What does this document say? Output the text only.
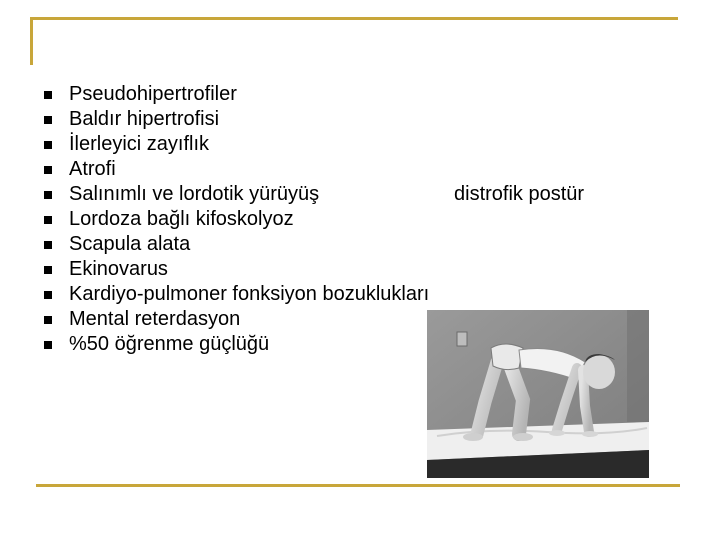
Pseudohipertrofiler
Baldır hipertrofisi
İlerleyici zayıflık
Atrofi
Salınımlı ve lordotik yürüyüş	distrofik postür
Lordoza bağlı kifoskolyoz
Scapula alata
Ekinovarus
Kardiyo-pulmoner fonksiyon bozuklukları
Mental reterdasyon
%50 öğrenme güçlüğü
